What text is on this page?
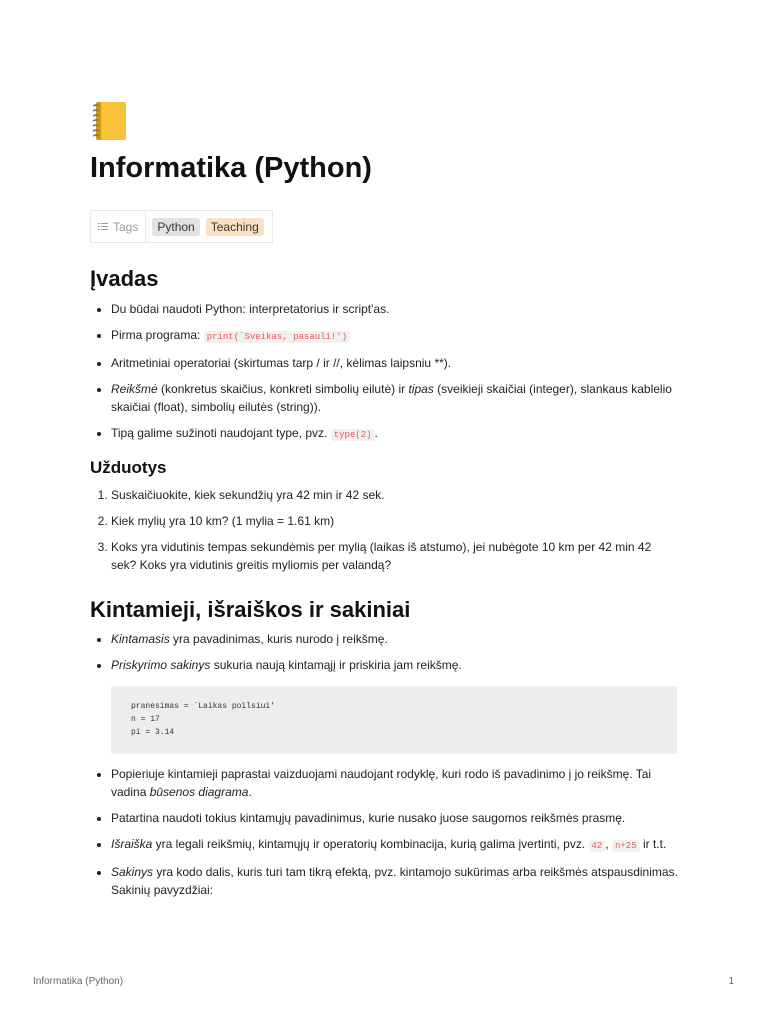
Informatika (Python)
Tags	Python	Teaching
Įvadas
• Du būdai naudoti Python: interpretatorius ir script'as.
• Pirma programa: print(`Sveikas, pasauli!')
• Aritmetiniai operatoriai (skirtumas tarp / ir //, kėlimas laipsniu **).
• Reikšmė (konkretus skaičius, konkreti simbolių eilutė) ir tipas (sveikieji skaičiai (integer), slankaus kablelio skaičiai (float), simbolių eilutės (string)).
• Tipą galime sužinoti naudojant type, pvz. type(2) .
Užduotys
1. Suskaičiuokite, kiek sekundžių yra 42 min ir 42 sek.
2. Kiek mylių yra 10 km? (1 mylia = 1.61 km)
3. Koks yra vidutinis tempas sekundėmis per mylią (laikas iš atstumo), jei nubėgote 10 km per 42 min 42 sek? Koks yra vidutinis greitis myliomis per valandą?
Kintamieji, išraiškos ir sakiniai
• Kintamasis yra pavadinimas, kuris nurodo į reikšmę.
• Priskyrimo sakinys sukuria naują kintamąjį ir priskiria jam reikšmę.
pranesimas = `Laikas poilsiui'
n = 17
pi = 3.14
• Popieriuje kintamieji paprastai vaizduojami naudojant rodyklę, kuri rodo iš pavadinimo į jo reikšmę. Tai vadina būsenos diagrama.
• Patartina naudoti tokius kintamųjų pavadinimus, kurie nusako juose saugomos reikšmės prasmę.
• Išraiška yra legali reikšmių, kintamųjų ir operatorių kombinacija, kurią galima įvertinti, pvz. 42 , n+25 ir t.t.
• Sakinys yra kodo dalis, kuris turi tam tikrą efektą, pvz. kintamojo sukūrimas arba reikšmės atspausdinimas. Sakinių pavyzdžiai:
Informatika (Python)	1
